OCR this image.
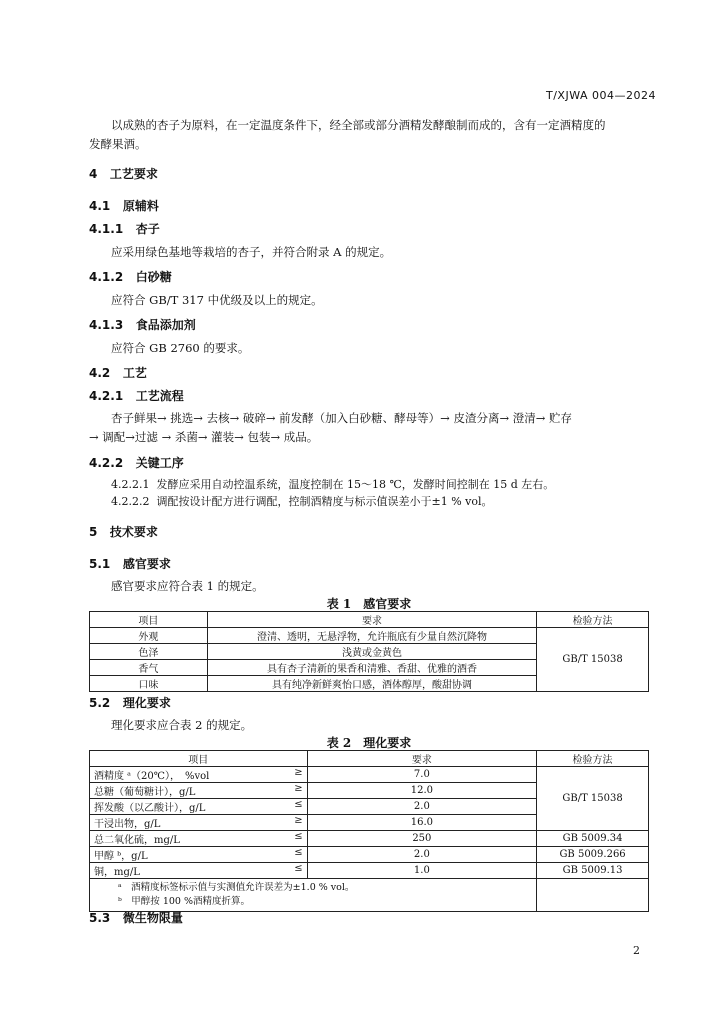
T/XJWA 004—2024

以成熟的杏子为原料，在一定温度条件下，经全部或部分酒精发酵酿制而成的，含有一定酒精度的

发酵果酒。

4 工艺要求
4.1 原辅料
4.1.1 杏子

应采用绿色基地等栽培的杏子，并符合附录 A 的规定。

4.1.2 白砂糖

应符合 GB/T 317 中优级及以上的规定。

4.1.3 食品添加剂

应符合 GB 2760 的要求。

4.2 工艺
4.2.1 工艺流程

杏子鲜果→ 挑选→ 去核→ 破碎→ 前发酵（加入白砂糖、酵母等）→ 皮渣分离→ 澄清→ 贮存

→ 调配→过滤 → 杀菌→ 灌装→ 包装→ 成品。

4.2.2 关键工序

4.2.2.1 发酵应采用自动控温系统，温度控制在 15～18 ℃，发酵时间控制在 15 d 左右。

4.2.2.2 调配按设计配方进行调配，控制酒精度与标示值误差小于±1 % vol。

5 技术要求
5.1 感官要求

感官要求应符合表 1 的规定。

表 1　感官要求
项目	要求	检验方法
外观	澄清、透明，无悬浮物，允许瓶底有少量自然沉降物	GB/T 15038
色泽	浅黄或金黄色	
香气	具有杏子清新的果香和清雅、香甜、优雅的酒香	
口味	具有纯净新鲜爽怡口感，酒体醇厚，酸甜协调	
5.2 理化要求

理化要求应合表 2 的规定。

表 2　理化要求
项目	要求	检验方法
酒精度 ᵃ（20℃），　%vol ≥	7.0	GB/T 15038
总糖（葡萄糖计），g/L ≥	12.0	
挥发酸（以乙酸计），g/L ≤	2.0	
干浸出物，g/L ≥	16.0	
总二氧化硫，mg/L ≤	250	GB 5009.34
甲醇 ᵇ，g/L ≤	2.0	GB 5009.266
铜，mg/L ≤	1.0	GB 5009.13

ᵃ　酒精度标签标示值与实测值允许误差为±1.0 % vol。
ᵇ　甲醇按 100 %酒精度折算。		

5.3 微生物限量
2
